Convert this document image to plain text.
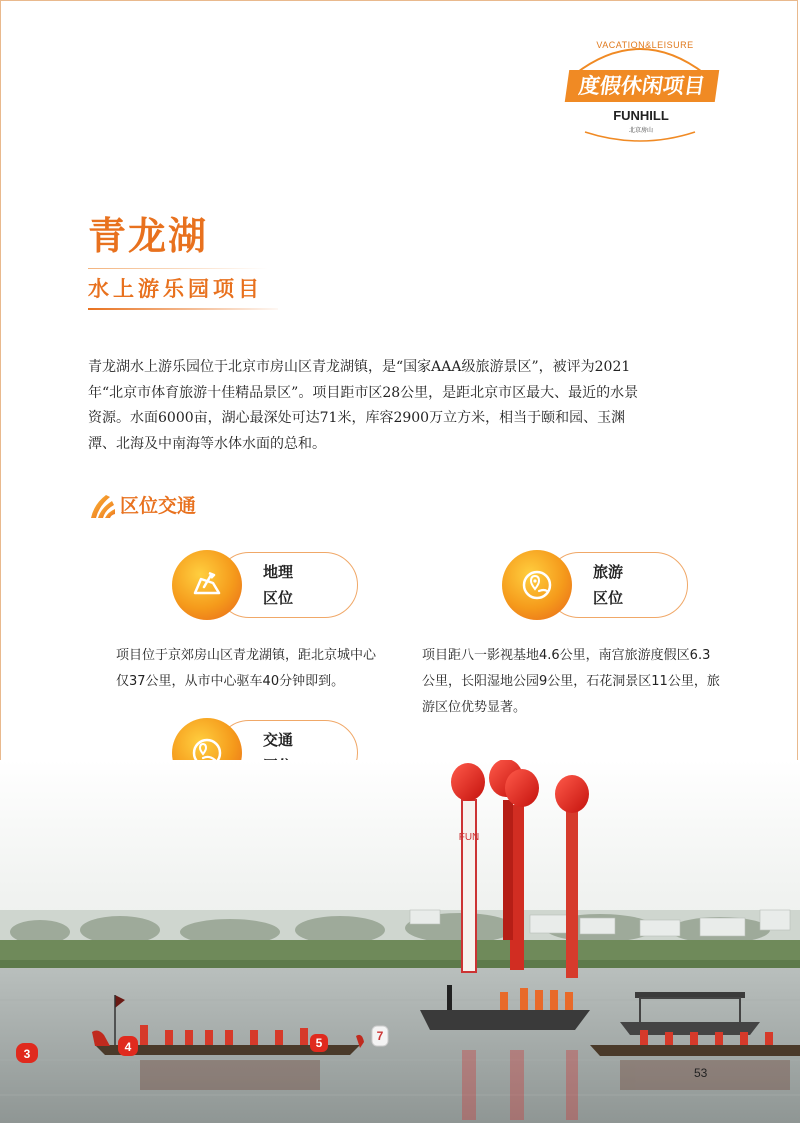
VACATION&LEISURE
度假休闲项目
FUNHILL
北京房山
青龙湖
水上游乐园项目
青龙湖水上游乐园位于北京市房山区青龙湖镇，是“国家AAA级旅游景区”，被评为2021年“北京市体育旅游十佳精品景区”。项目距市区28公里，是距北京市区最大、最近的水景资源。水面6000亩，湖心最深处可达71米，库容2900万立方米，相当于颐和园、玉渊潭、北海及中南海等水体水面的总和。
区位交通
地理
区位
项目位于京郊房山区青龙湖镇，距北京城中心仅37公里，从市中心驱车40分钟即到。
旅游
区位
项目距八一影视基地4.6公里，南宫旅游度假区6.3公里，长阳湿地公园9公里，石花洞景区11公里，旅游区位优势显著。
交通
FUN
3	4	5	7
53
